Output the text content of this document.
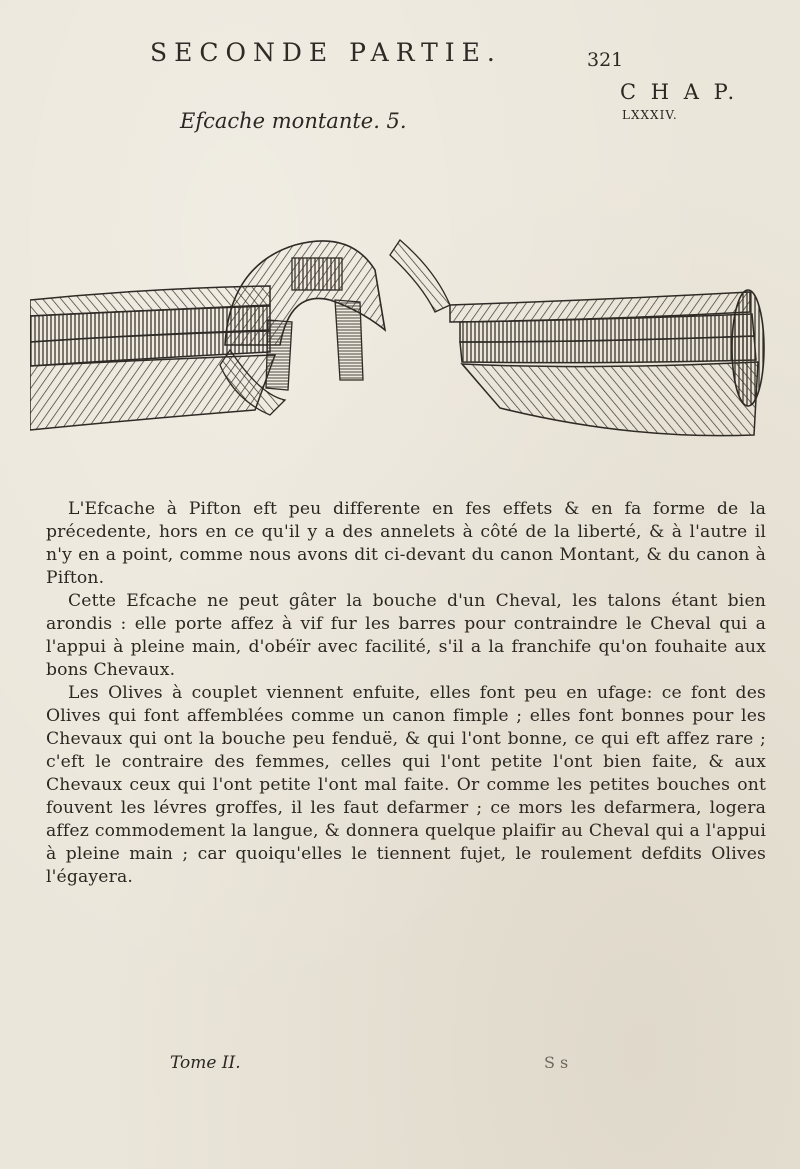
SECONDE PARTIE.	321
C H A P.
LXXXIV.
Efcache montante. 5.

L'Efcache à Pifton eft peu differente en fes effets & en fa forme de la précedente, hors en ce qu'il y a des annelets à côté de la liberté, & à l'autre il n'y en a point, comme nous avons dit ci-devant du canon Montant, & du canon à Pifton.

Cette Efcache ne peut gâter la bouche d'un Cheval, les talons étant bien arondis : elle porte affez à vif fur les barres pour contraindre le Cheval qui a l'appui à pleine main, d'obéïr avec facilité, s'il a la franchife qu'on fouhaite aux bons Chevaux.

Les Olives à couplet viennent enfuite, elles font peu en ufage: ce font des Olives qui font affemblées comme un canon fimple ; elles font bonnes pour les Chevaux qui ont la bouche peu fenduë, & qui l'ont bonne, ce qui eft affez rare ; c'eft le contraire des femmes, celles qui l'ont petite l'ont bien faite, & aux Chevaux ceux qui l'ont petite l'ont mal faite. Or comme les petites bouches ont fouvent les lévres groffes, il les faut defarmer ; ce mors les defarmera, logera affez commodement la langue, & donnera quelque plaifir au Cheval qui a l'appui à pleine main ; car quoiqu'elles le tiennent fujet, le roulement defdits Olives l'égayera.

Tome II.	S s
